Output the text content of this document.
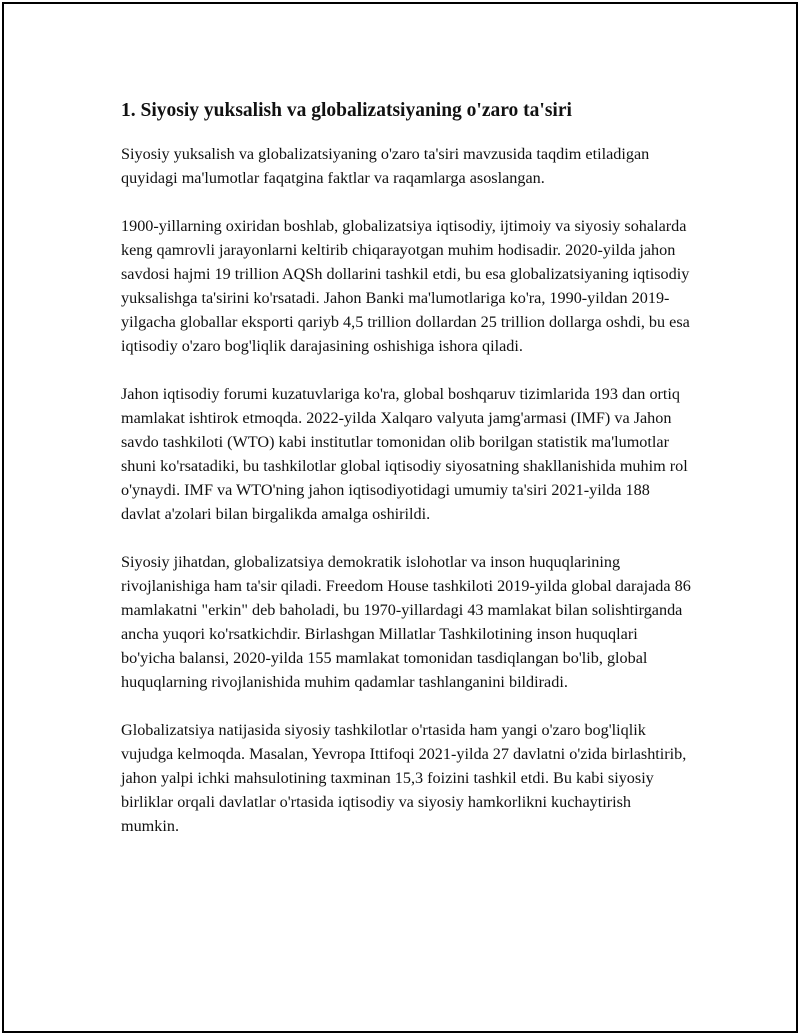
1. Siyosiy yuksalish va globalizatsiyaning o'zaro ta'siri

Siyosiy yuksalish va globalizatsiyaning o'zaro ta'siri mavzusida taqdim etiladigan quyidagi ma'lumotlar faqatgina faktlar va raqamlarga asoslangan.

1900-yillarning oxiridan boshlab, globalizatsiya iqtisodiy, ijtimoiy va siyosiy sohalarda keng qamrovli jarayonlarni keltirib chiqarayotgan muhim hodisadir. 2020-yilda jahon savdosi hajmi 19 trillion AQSh dollarini tashkil etdi, bu esa globalizatsiyaning iqtisodiy yuksalishga ta'sirini ko'rsatadi. Jahon Banki ma'lumotlariga ko'ra, 1990-yildan 2019-yilgacha globallar eksporti qariyb 4,5 trillion dollardan 25 trillion dollarga oshdi, bu esa iqtisodiy o'zaro bog'liqlik darajasining oshishiga ishora qiladi.

Jahon iqtisodiy forumi kuzatuvlariga ko'ra, global boshqaruv tizimlarida 193 dan ortiq mamlakat ishtirok etmoqda. 2022-yilda Xalqaro valyuta jamg'armasi (IMF) va Jahon savdo tashkiloti (WTO) kabi institutlar tomonidan olib borilgan statistik ma'lumotlar shuni ko'rsatadiki, bu tashkilotlar global iqtisodiy siyosatning shakllanishida muhim rol o'ynaydi. IMF va WTO'ning jahon iqtisodiyotidagi umumiy ta'siri 2021-yilda 188 davlat a'zolari bilan birgalikda amalga oshirildi.

Siyosiy jihatdan, globalizatsiya demokratik islohotlar va inson huquqlarining rivojlanishiga ham ta'sir qiladi. Freedom House tashkiloti 2019-yilda global darajada 86 mamlakatni "erkin" deb baholadi, bu 1970-yillardagi 43 mamlakat bilan solishtirganda ancha yuqori ko'rsatkichdir. Birlashgan Millatlar Tashkilotining inson huquqlari bo'yicha balansi, 2020-yilda 155 mamlakat tomonidan tasdiqlangan bo'lib, global huquqlarning rivojlanishida muhim qadamlar tashlanganini bildiradi.

Globalizatsiya natijasida siyosiy tashkilotlar o'rtasida ham yangi o'zaro bog'liqlik vujudga kelmoqda. Masalan, Yevropa Ittifoqi 2021-yilda 27 davlatni o'zida birlashtirib, jahon yalpi ichki mahsulotining taxminan 15,3 foizini tashkil etdi. Bu kabi siyosiy birliklar orqali davlatlar o'rtasida iqtisodiy va siyosiy hamkorlikni kuchaytirish mumkin.
